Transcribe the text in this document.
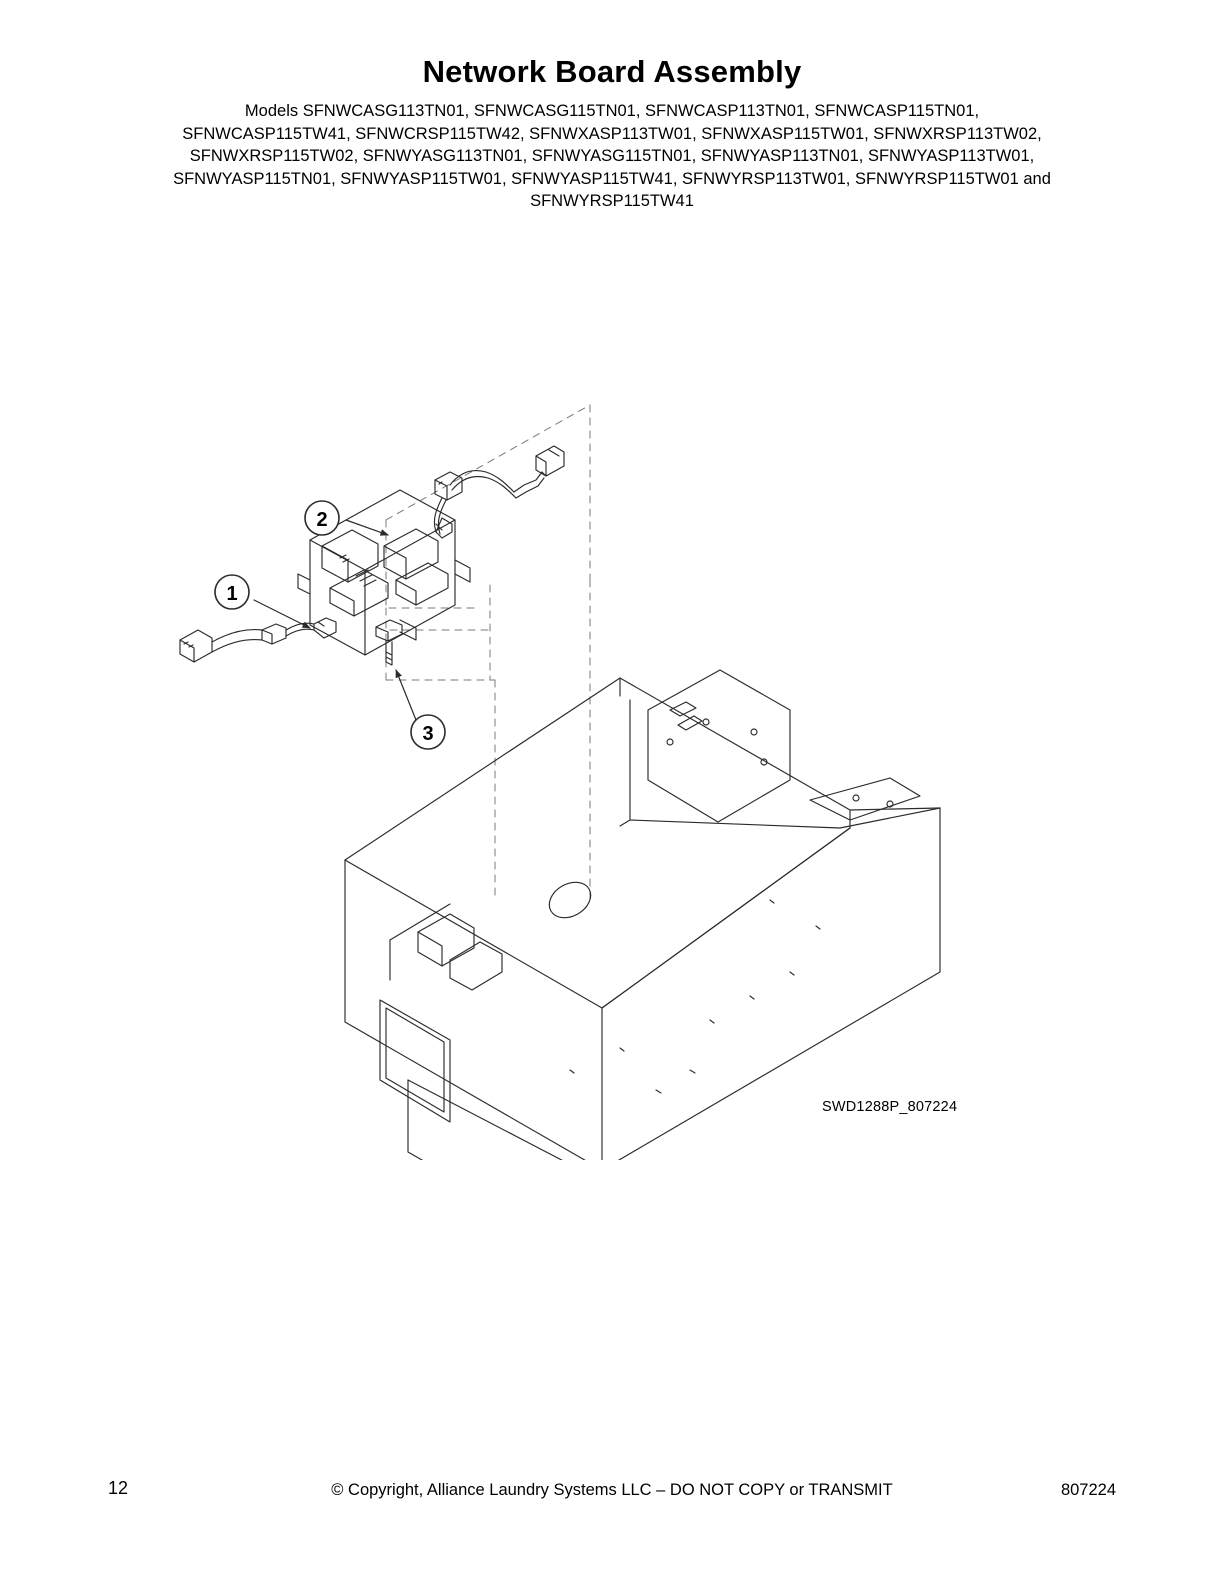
Network Board Assembly
Models SFNWCASG113TN01, SFNWCASG115TN01, SFNWCASP113TN01, SFNWCASP115TN01, SFNWCASP115TW41, SFNWCRSP115TW42, SFNWXASP113TW01, SFNWXASP115TW01, SFNWXRSP113TW02, SFNWXRSP115TW02, SFNWYASG113TN01, SFNWYASG115TN01, SFNWYASP113TN01, SFNWYASP113TW01, SFNWYASP115TN01, SFNWYASP115TW01, SFNWYASP115TW41, SFNWYRSP113TW01, SFNWYRSP115TW01 and SFNWYRSP115TW41
2
1
3
SWD1288P_807224
12	© Copyright, Alliance Laundry Systems LLC – DO NOT COPY or TRANSMIT	807224
